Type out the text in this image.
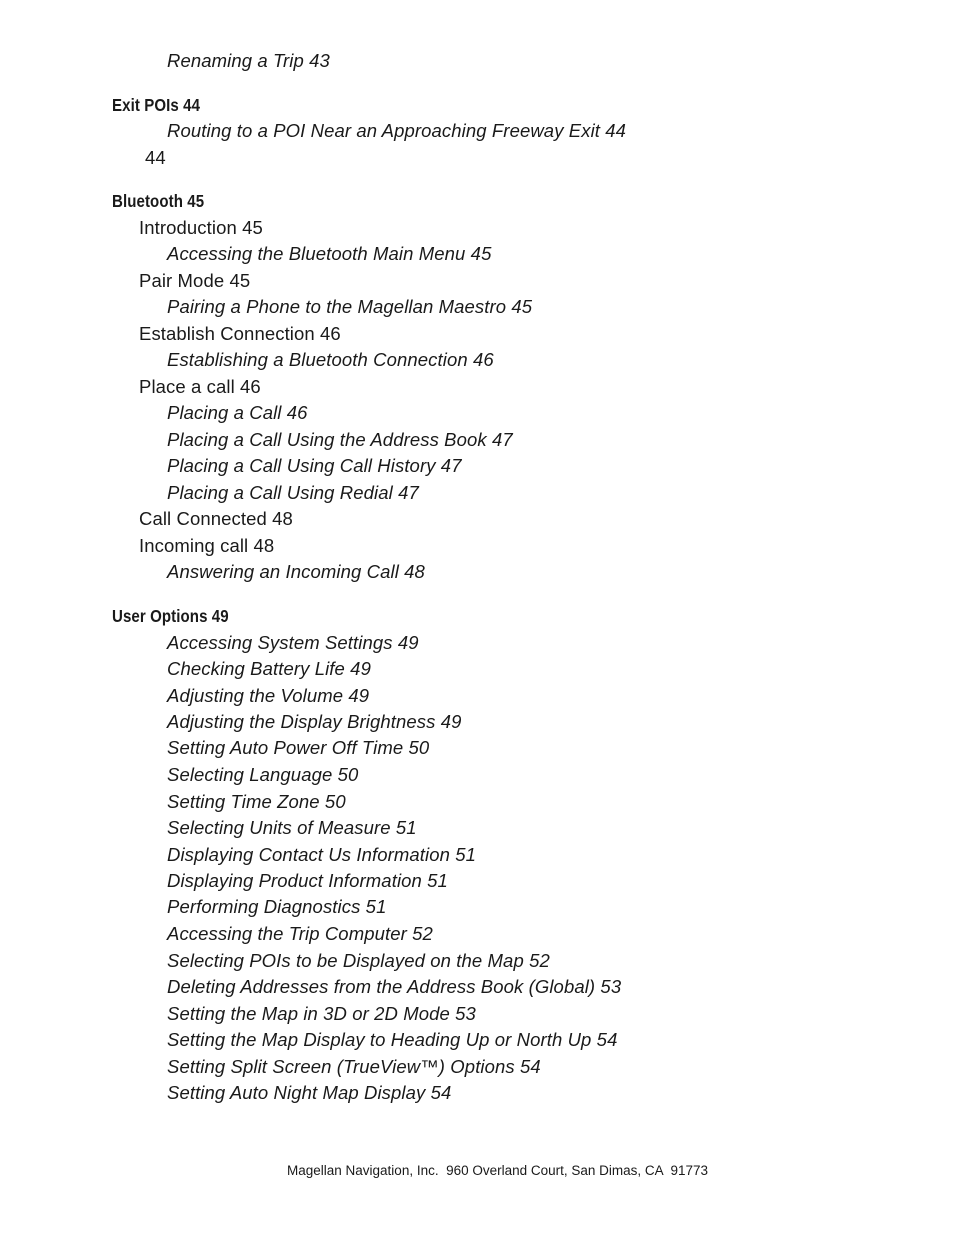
Renaming a Trip 43
Exit POIs 44
Routing to a POI Near an Approaching Freeway Exit 44
44
Bluetooth 45
Introduction 45
Accessing the Bluetooth Main Menu 45
Pair Mode 45
Pairing a Phone to the Magellan Maestro 45
Establish Connection 46
Establishing a Bluetooth Connection 46
Place a call 46
Placing a Call 46
Placing a Call Using the Address Book 47
Placing a Call Using Call History 47
Placing a Call Using Redial 47
Call Connected 48
Incoming call 48
Answering an Incoming Call 48
User Options 49
Accessing System Settings 49
Checking Battery Life 49
Adjusting the Volume 49
Adjusting the Display Brightness 49
Setting Auto Power Off Time 50
Selecting Language 50
Setting Time Zone 50
Selecting Units of Measure 51
Displaying Contact Us Information 51
Displaying Product Information 51
Performing Diagnostics 51
Accessing the Trip Computer 52
Selecting POIs to be Displayed on the Map 52
Deleting Addresses from the Address Book (Global) 53
Setting the Map in 3D or 2D Mode 53
Setting the Map Display to Heading Up or North Up 54
Setting Split Screen (TrueView™) Options 54
Setting Auto Night Map Display 54
Magellan Navigation, Inc.  960 Overland Court, San Dimas, CA  91773
